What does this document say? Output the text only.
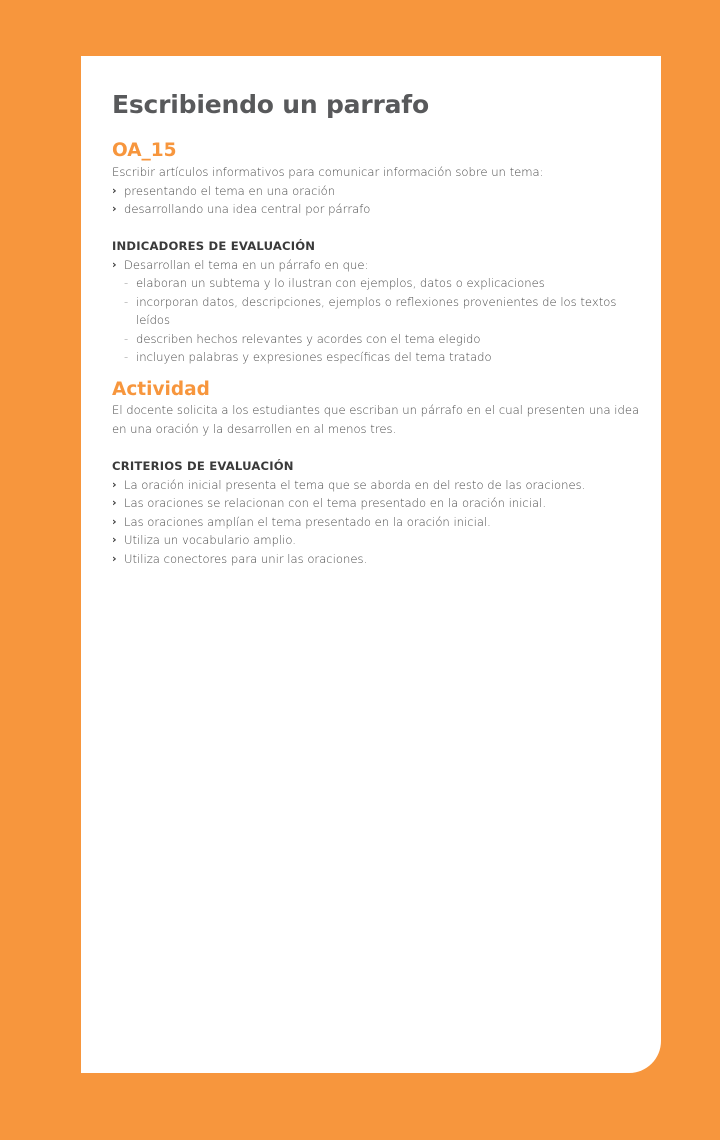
Escribiendo un parrafo
OA_15

Escribir artículos informativos para comunicar información sobre un tema:

› presentando el tema en una oración
› desarrollando una idea central por párrafo

INDICADORES DE EVALUACIÓN

› Desarrollan el tema en un párrafo en que:
- elaboran un subtema y lo ilustran con ejemplos, datos o explicaciones
- incorporan datos, descripciones, ejemplos o reflexiones provenientes de los textos leídos
- describen hechos relevantes y acordes con el tema elegido
- incluyen palabras y expresiones específicas del tema tratado
Actividad

El docente solicita a los estudiantes que escriban un párrafo en el cual presenten una idea en una oración y la desarrollen en al menos tres.

CRITERIOS DE EVALUACIÓN

› La oración inicial presenta el tema que se aborda en del resto de las oraciones.
› Las oraciones se relacionan con el tema presentado en la oración inicial.
› Las oraciones amplían el tema presentado en la oración inicial.
› Utiliza un vocabulario amplio.
› Utiliza conectores para unir las oraciones.
